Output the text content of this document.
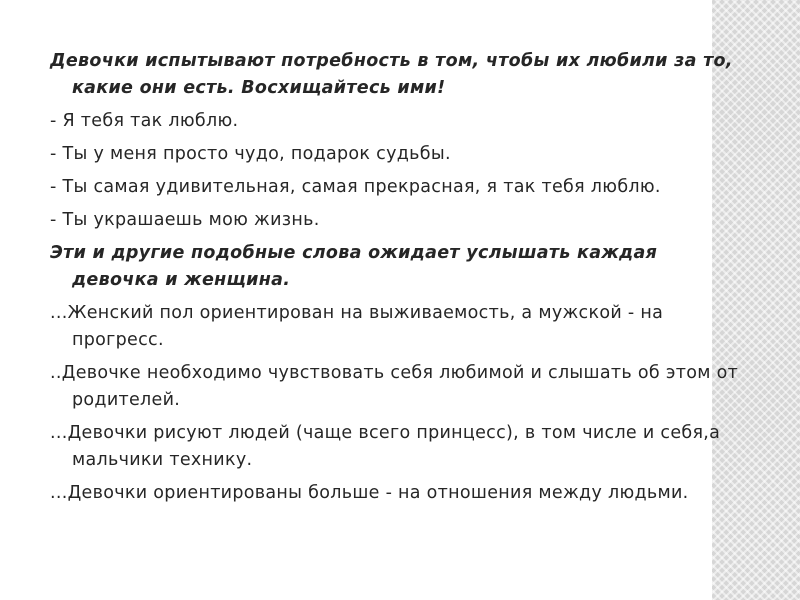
Девочки испытывают потребность в том, чтобы их любили за то, какие они есть. Восхищайтесь ими!

- Я тебя так люблю.

- Ты у меня просто чудо, подарок судьбы.

- Ты самая удивительная, самая прекрасная, я так тебя люблю.

- Ты украшаешь мою жизнь.

Эти и другие подобные слова ожидает услышать каждая девочка и женщина.

...Женский пол ориентирован на выживаемость, а мужской - на прогресс.

..Девочке необходимо чувствовать себя любимой и слышать об этом от родителей.

...Девочки рисуют людей (чаще всего принцесс), в том числе и себя,а мальчики технику.

...Девочки ориентированы больше - на отношения между людьми.
